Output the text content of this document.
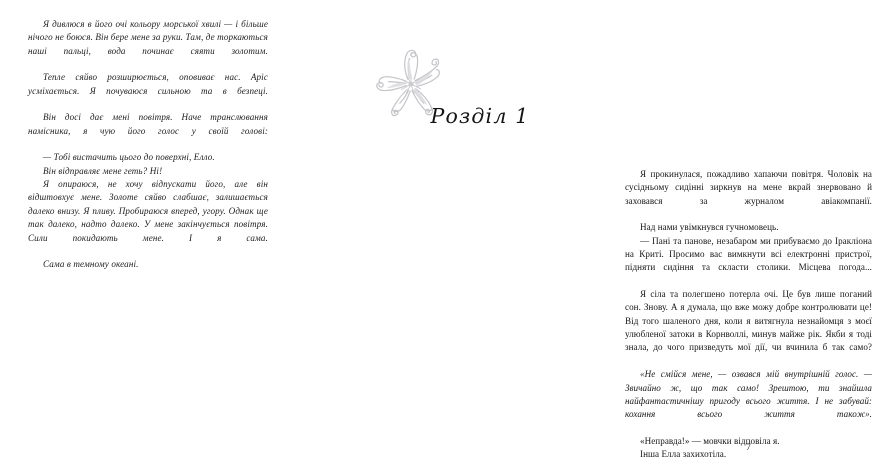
Я дивлюся в його очі кольору морської хвилі — і більше нічого не боюся. Він бере мене за руки. Там, де торкаються наші пальці, вода починає сяяти золотим.

Тепле сяйво розширюється, оповиває нас. Аріс усміхається. Я почуваюся сильною та в безпеці.

Він досі дає мені повітря. Наче транслювання намісника, я чую його голос у своїй голові:

— Тобі вистачить цього до поверхні, Елло.

Він відправляє мене геть? Ні!

Я опираюся, не хочу відпускати його, але він відштовхує мене. Золоте сяйво слабшає, залишається далеко внизу. Я пливу. Пробираюся вперед, угору. Однак ще так далеко, надто далеко. У мене закінчується повітря. Сили покидають мене. І я сама.

Сама в темному океані.

Розділ 1

Я прокинулася, пожадливо хапаючи повітря. Чоловік на сусідньому сидінні зиркнув на мене вкрай знервовано й заховався за журналом авіакомпанії.

Над нами увімкнувся гучномовець.

— Пані та панове, незабаром ми прибуваємо до Іракліона на Криті. Просимо вас вимкнути всі електронні пристрої, підняти сидіння та скласти столики. Місцева погода...

Я сіла та полегшено потерла очі. Це був лише поганий сон. Знову. А я думала, що вже можу добре контролювати це! Від того шаленого дня, коли я витягнула незнайомця з моєї улюбленої затоки в Корнволлі, минув майже рік. Якби я тоді знала, до чого призведуть мої дії, чи вчинила б так само?

«Не смійся мене, — озвався мій внутрішній голос. — Звичайно ж, що так само! Зрештою, ти знайшла найфантастичнішу пригоду всього життя. І не забувай: кохання всього життя також».

«Неправда!» — мовчки відповіла я.

Інша Елла захихотіла.

7
